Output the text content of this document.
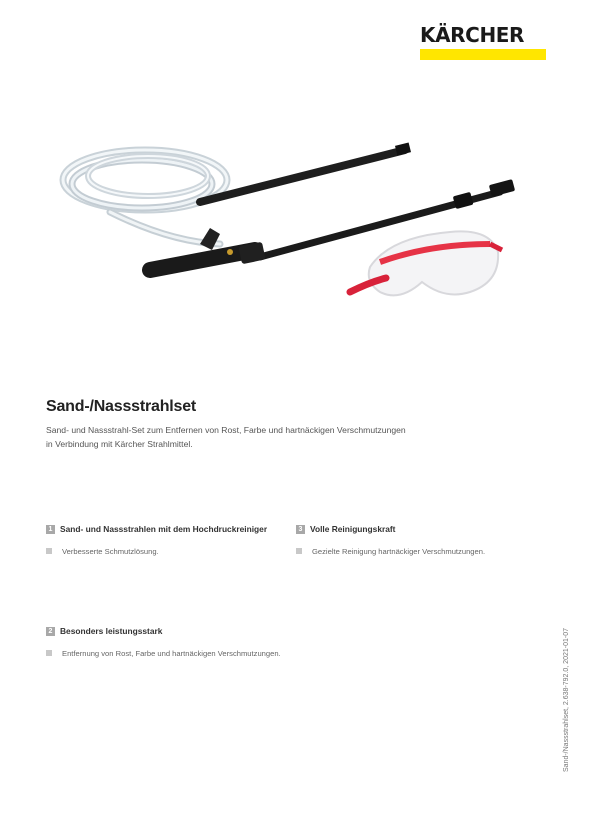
KÄRCHER
Sand-/Nassstrahlset
Sand- und Nassstrahl-Set zum Entfernen von Rost, Farbe und hartnäckigen Verschmutzungen
in Verbindung mit Kärcher Strahlmittel.
1 Sand- und Nassstrahlen mit dem Hochdruckreiniger
Verbesserte Schmutzlösung.
3 Volle Reinigungskraft
Gezielte Reinigung hartnäckiger Verschmutzungen.
2 Besonders leistungsstark
Entfernung von Rost, Farbe und hartnäckigen Verschmutzungen.	Sand-/Nassstrahlset, 2.638-792.0, 2021-01-07
